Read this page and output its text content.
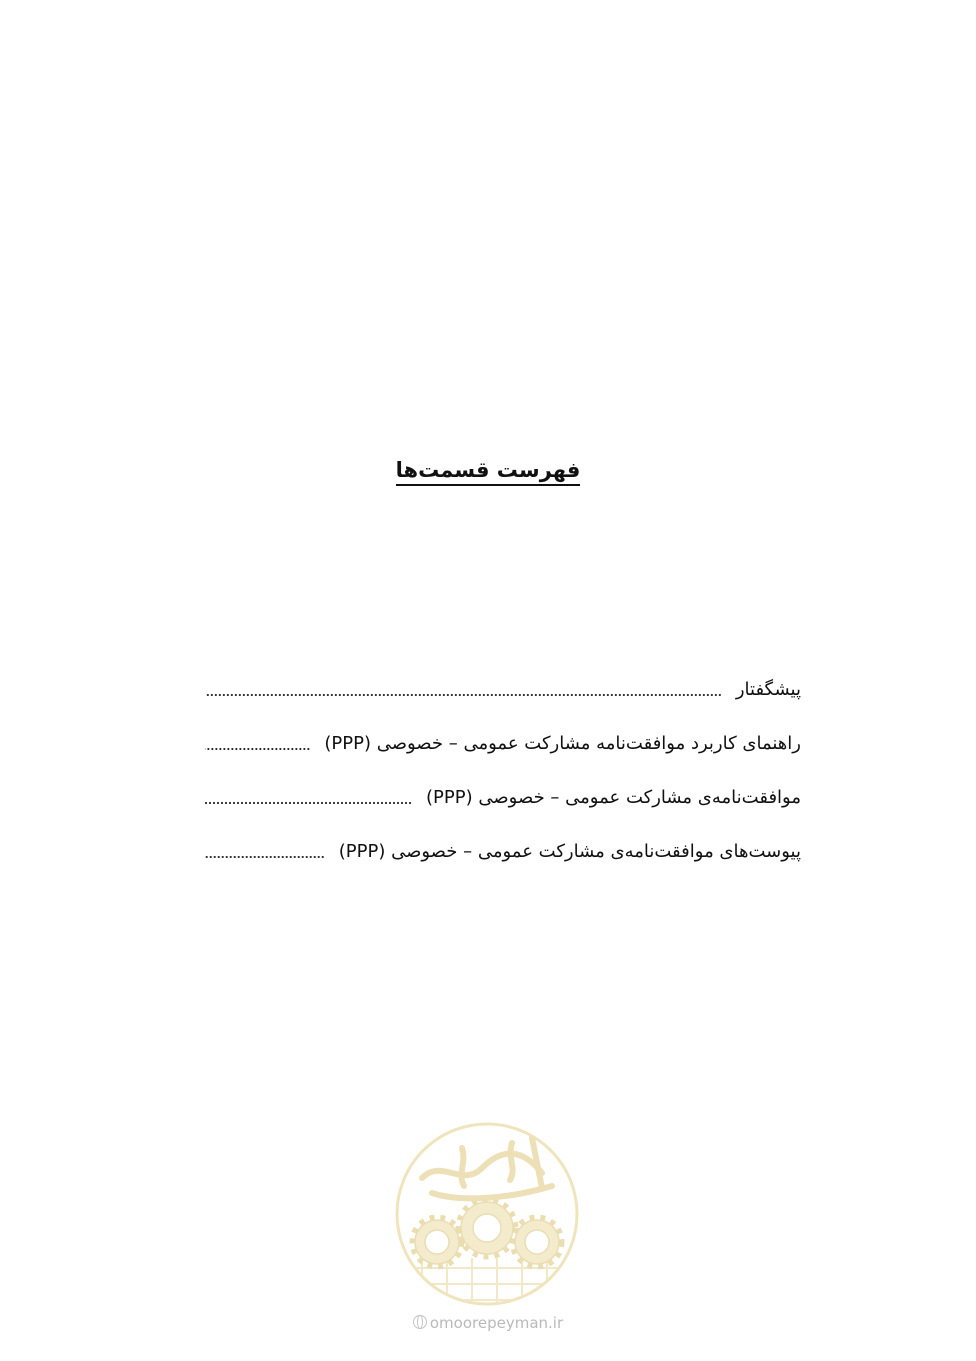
فهرست قسمت‌ها
پیشگفتار
راهنمای کاربرد موافقت‌نامه مشارکت عمومی – خصوصی (PPP)
موافقت‌نامه‌ی مشارکت عمومی – خصوصی (PPP)
پیوست‌های موافقت‌نامه‌ی مشارکت عمومی – خصوصی (PPP)
omoorepeyman.ir
